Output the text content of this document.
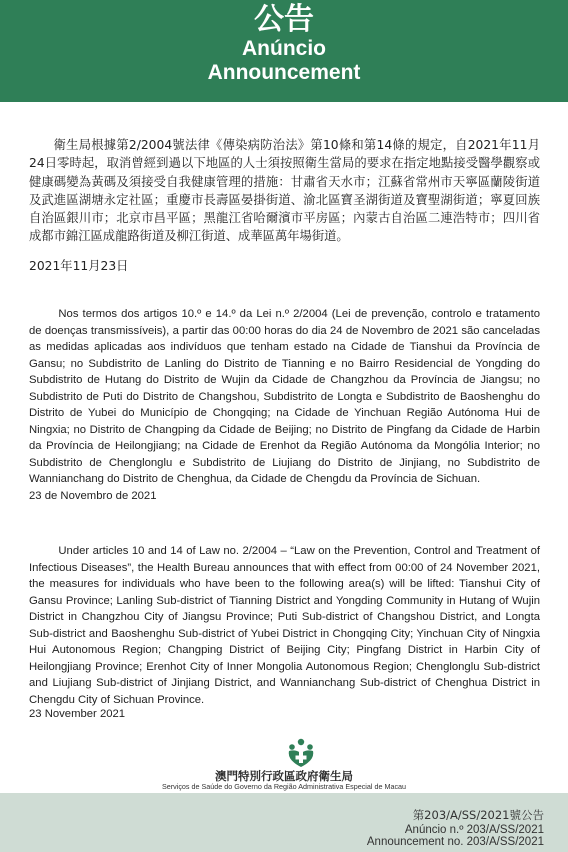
公告
Anúncio
Announcement

衛生局根據第2/2004號法律《傳染病防治法》第10條和第14條的規定，自2021年11月24日零時起，取消曾經到過以下地區的人士須按照衛生當局的要求在指定地點接受醫學觀察或健康碼變為黃碼及須接受自我健康管理的措施：甘肅省天水市；江蘇省常州市天寧區蘭陵街道及武進區湖塘永定社區；重慶市長壽區晏掛街道、渝北區寶圣湖街道及寶聖湖街道；寧夏回族自治區銀川市；北京市昌平區；黑龍江省哈爾濱市平房區；內蒙古自治區二連浩特市；四川省成都市錦江區成龍路街道及柳江街道、成華區萬年場街道。

2021年11月23日

Nos termos dos artigos 10.º e 14.º da Lei n.º 2/2004 (Lei de prevenção, controlo e tratamento de doenças transmissíveis), a partir das 00:00 horas do dia 24 de Novembro de 2021 são canceladas as medidas aplicadas aos indivíduos que tenham estado na Cidade de Tianshui da Província de Gansu; no Subdistrito de Lanling do Distrito de Tianning e no Bairro Residencial de Yongding do Subdistrito de Hutang do Distrito de Wujin da Cidade de Changzhou da Província de Jiangsu; no Subdistrito de Puti do Distrito de Changshou, Subdistrito de Longta e Subdistrito de Baoshenghu do Distrito de Yubei do Município de Chongqing; na Cidade de Yinchuan Região Autónoma Hui de Ningxia; no Distrito de Changping da Cidade de Beijing; no Distrito de Pingfang da Cidade de Harbin da Província de Heilongjiang; na Cidade de Erenhot da Região Autónoma da Mongólia Interior; no Subdistrito de Chenglonglu e Subdistrito de Liujiang do Distrito de Jinjiang, no Subdistrito de Wannianchang do Distrito de Chenghua, da Cidade de Chengdu da Província de Sichuan.

23 de Novembro de 2021

Under articles 10 and 14 of Law no. 2/2004 – “Law on the Prevention, Control and Treatment of Infectious Diseases”, the Health Bureau announces that with effect from 00:00 of 24 November 2021, the measures for individuals who have been to the following area(s) will be lifted: Tianshui City of Gansu Province; Lanling Sub-district of Tianning District and Yongding Community in Hutang of Wujin District in Changzhou City of Jiangsu Province; Puti Sub-district of Changshou District, and Longta Sub-district and Baoshenghu Sub-district of Yubei District in Chongqing City; Yinchuan City of Ningxia Hui Autonomous Region; Changping District of Beijing City; Pingfang District in Harbin City of Heilongjiang Province; Erenhot City of Inner Mongolia Autonomous Region; Chenglonglu Sub-district and Liujiang Sub-district of Jinjiang District, and Wannianchang Sub-district of Chenghua District in Chengdu City of Sichuan Province.

23 November 2021

澳門特別行政區政府衛生局
Serviços de Saúde do Governo da Região Administrativa Especial de Macau
第203/A/SS/2021號公告
Anúncio n.º 203/A/SS/2021
Announcement no. 203/A/SS/2021
